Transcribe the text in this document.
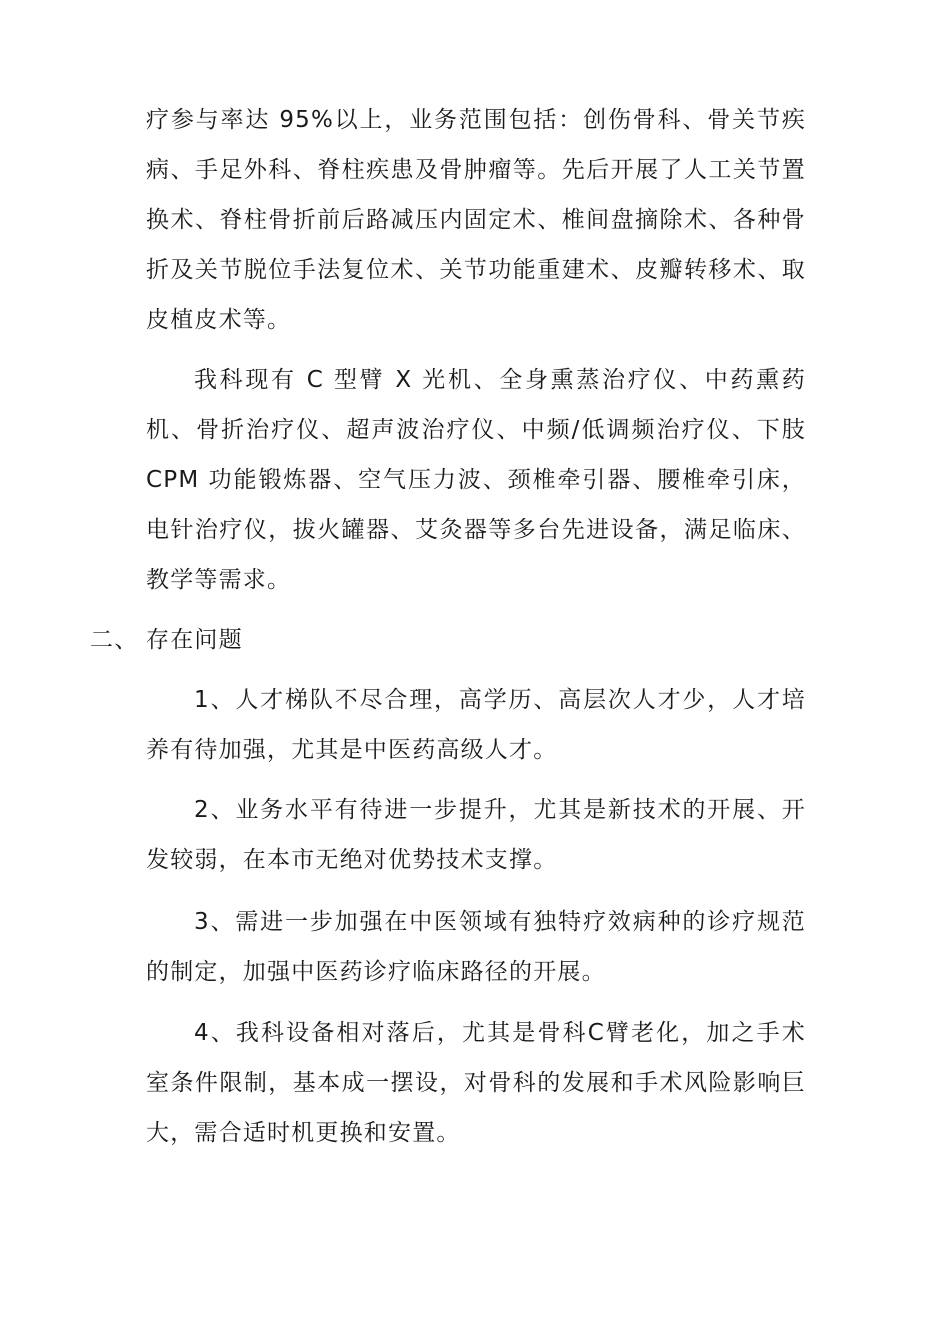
疗参与率达 95%以上，业务范围包括：创伤骨科、骨关节疾病、手足外科、脊柱疾患及骨肿瘤等。先后开展了人工关节置换术、脊柱骨折前后路减压内固定术、椎间盘摘除术、各种骨折及关节脱位手法复位术、关节功能重建术、皮瓣转移术、取皮植皮术等。

我科现有 C 型臂 X 光机、全身熏蒸治疗仪、中药熏药机、骨折治疗仪、超声波治疗仪、中频/低调频治疗仪、下肢 CPM 功能锻炼器、空气压力波、颈椎牵引器、腰椎牵引床，电针治疗仪，拔火罐器、艾灸器等多台先进设备，满足临床、教学等需求。

二、 存在问题

1、人才梯队不尽合理，高学历、高层次人才少，人才培养有待加强，尤其是中医药高级人才。

2、业务水平有待进一步提升，尤其是新技术的开展、开发较弱，在本市无绝对优势技术支撑。

3、需进一步加强在中医领域有独特疗效病种的诊疗规范的制定，加强中医药诊疗临床路径的开展。

4、我科设备相对落后，尤其是骨科C臂老化，加之手术室条件限制，基本成一摆设，对骨科的发展和手术风险影响巨大，需合适时机更换和安置。
